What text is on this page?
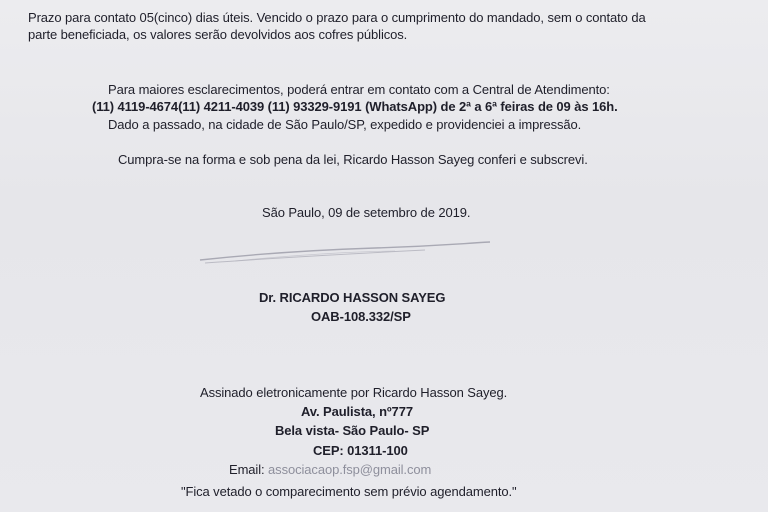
Prazo para contato 05(cinco) dias úteis. Vencido o prazo para o cumprimento do mandado, sem o contato da
parte beneficiada, os valores serão devolvidos aos cofres públicos.
Para maiores esclarecimentos, poderá entrar em contato com a Central de Atendimento:
(11) 4119-4674(11) 4211-4039 (11) 93329-9191 (WhatsApp) de 2ª a 6ª feiras de 09 às 16h.
Dado a passado, na cidade de São Paulo/SP, expedido e providenciei a impressão.
Cumpra-se na forma e sob pena da lei, Ricardo Hasson Sayeg conferi e subscrevi.
São Paulo, 09 de setembro de 2019.
Dr. RICARDO HASSON SAYEG
OAB-108.332/SP
Assinado eletronicamente por Ricardo Hasson Sayeg.
Av. Paulista, nº777
Bela vista- São Paulo- SP
CEP: 01311-100
Email: associacaop.fsp@gmail.com
"Fica vetado o comparecimento sem prévio agendamento."
